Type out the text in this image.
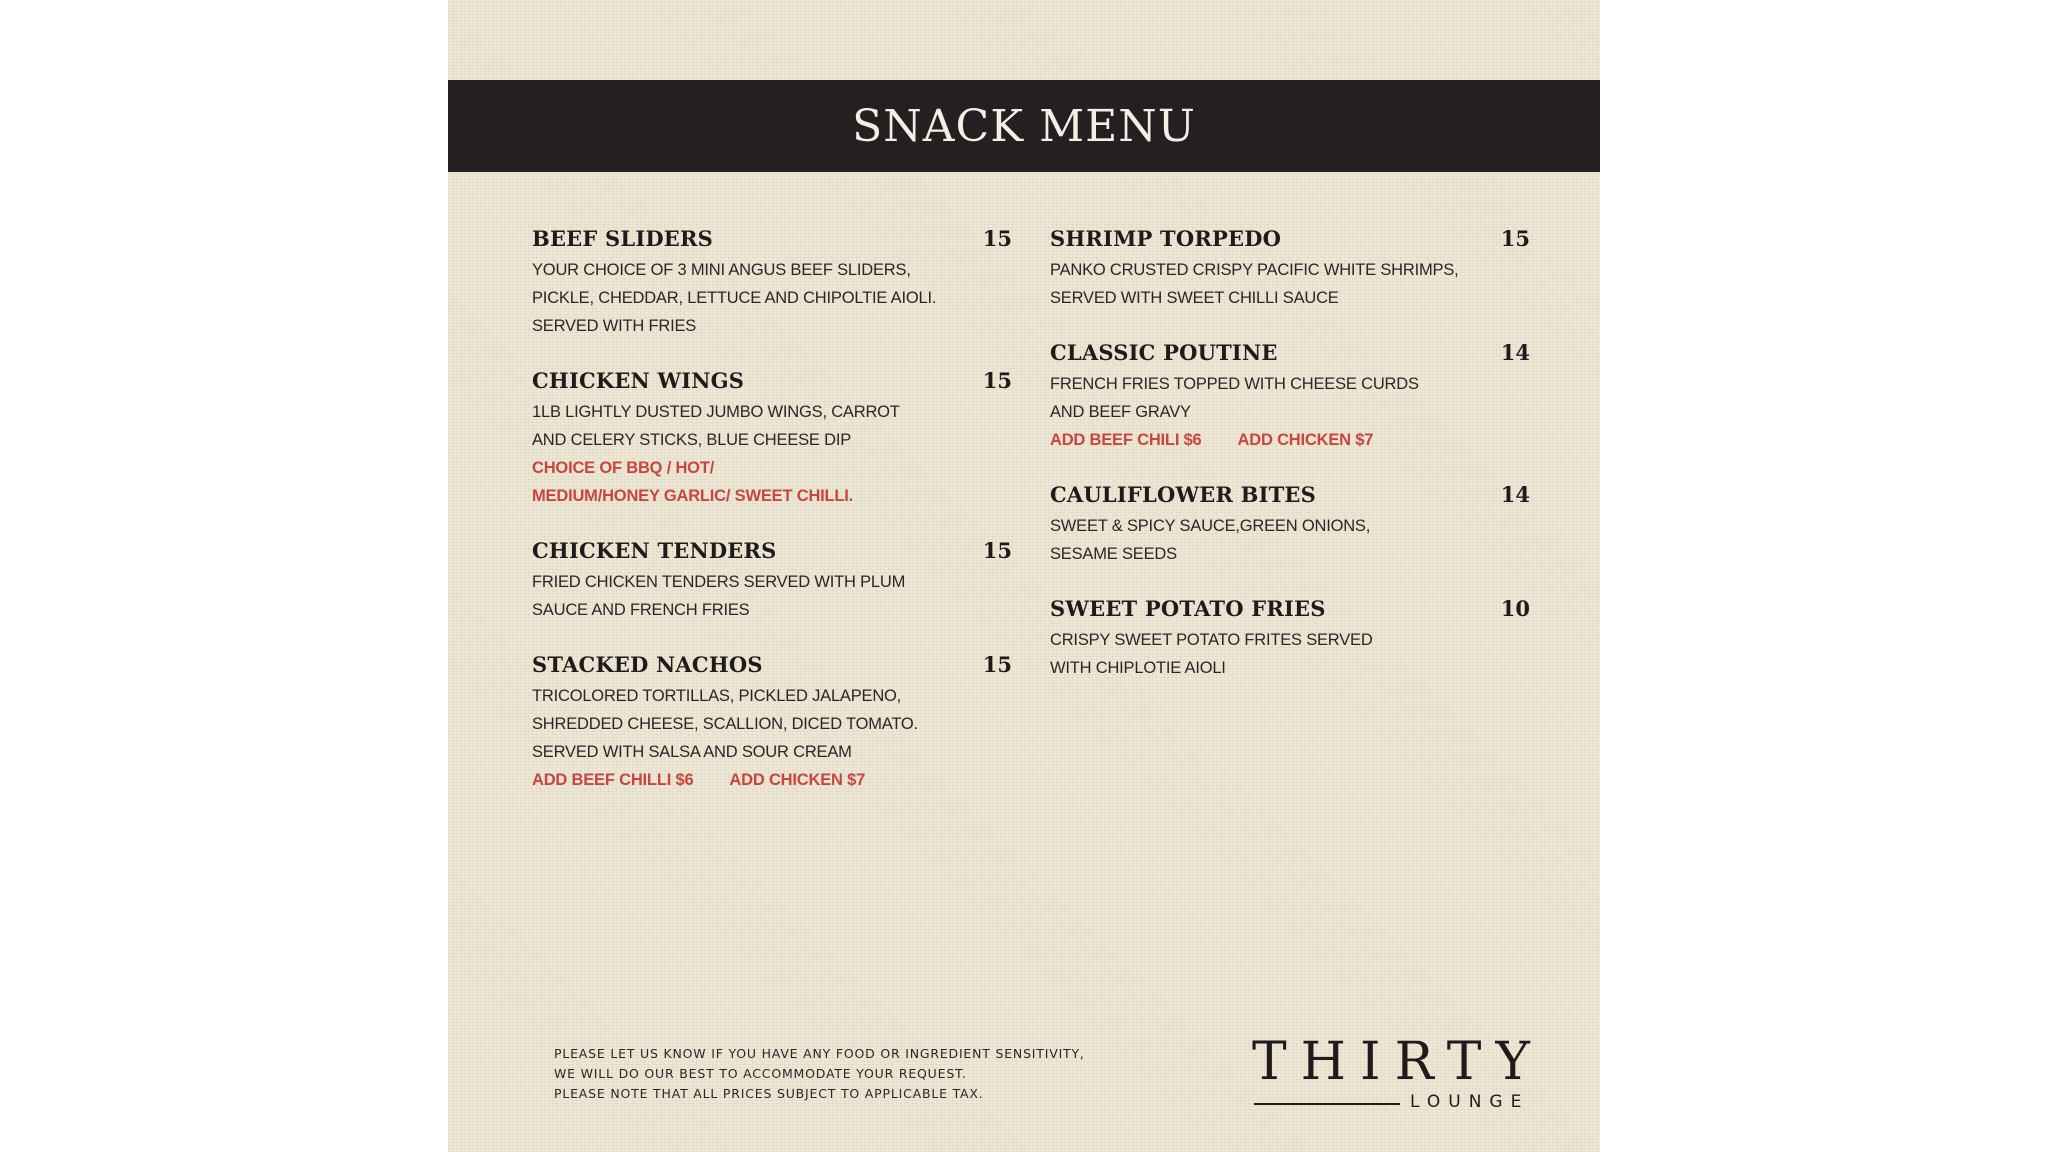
SNACK MENU
BEEF SLIDERS	15
YOUR CHOICE OF 3 MINI ANGUS BEEF SLIDERS,
PICKLE, CHEDDAR, LETTUCE AND CHIPOLTIE AIOLI.
SERVED WITH FRIES
CHICKEN WINGS	15
1LB LIGHTLY DUSTED JUMBO WINGS, CARROT
AND CELERY STICKS, BLUE CHEESE DIP
CHOICE OF BBQ / HOT/
MEDIUM/HONEY GARLIC/ SWEET CHILLI.
CHICKEN TENDERS	15
FRIED CHICKEN TENDERS SERVED WITH PLUM
SAUCE AND FRENCH FRIES
STACKED NACHOS	15
TRICOLORED TORTILLAS, PICKLED JALAPENO,
SHREDDED CHEESE, SCALLION, DICED TOMATO.
SERVED WITH SALSA AND SOUR CREAM
ADD BEEF CHILLI $6 ADD CHICKEN $7
SHRIMP TORPEDO	15
PANKO CRUSTED CRISPY PACIFIC WHITE SHRIMPS,
SERVED WITH SWEET CHILLI SAUCE
CLASSIC POUTINE	14
FRENCH FRIES TOPPED WITH CHEESE CURDS
AND BEEF GRAVY
ADD BEEF CHILI $6 ADD CHICKEN $7
CAULIFLOWER BITES	14
SWEET & SPICY SAUCE,GREEN ONIONS,
SESAME SEEDS
SWEET POTATO FRIES	10
CRISPY SWEET POTATO FRITES SERVED
WITH CHIPLOTIE AIOLI
PLEASE LET US KNOW IF YOU HAVE ANY FOOD OR INGREDIENT SENSITIVITY,
WE WILL DO OUR BEST TO ACCOMMODATE YOUR REQUEST.
PLEASE NOTE THAT ALL PRICES SUBJECT TO APPLICABLE TAX.
THIRTY
LOUNGE
